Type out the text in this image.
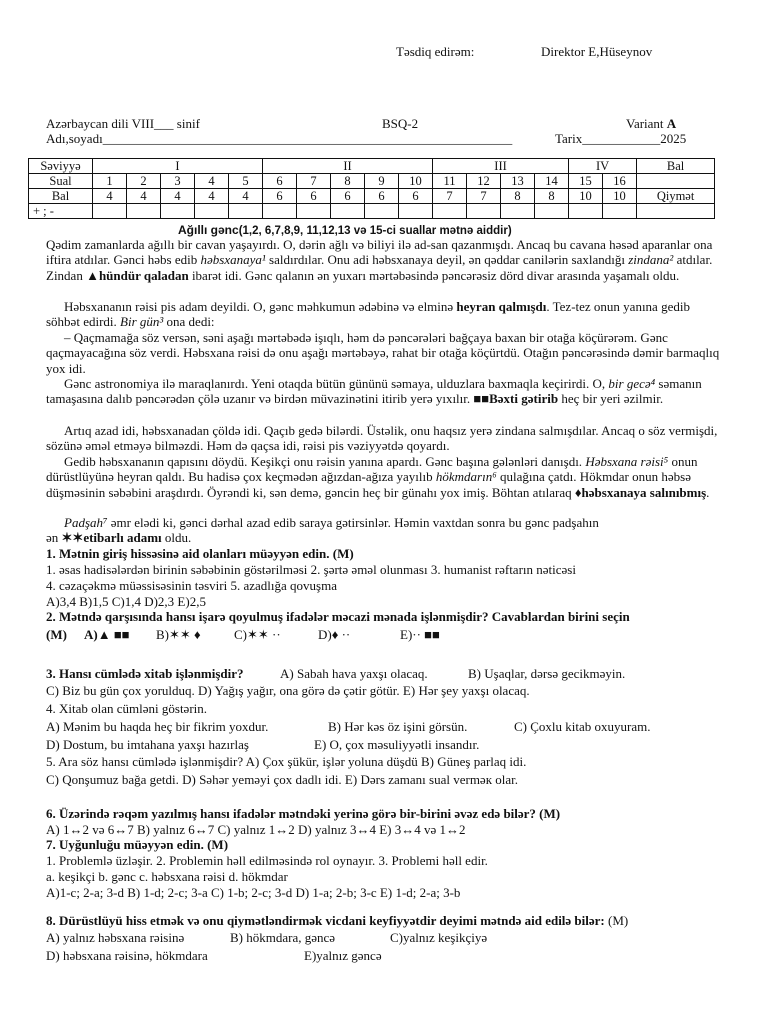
Təsdiq edirəm:	Direktor E,Hüseynov
Azərbaycan dili VIII___ sinif	BSQ-2	Variant A
Adı,soyadı_______________________________________________________________	Tarix____________2025
Səviyyə	I					II					III				IV		Bal
Sual	1	2	3	4	5	6	7	8	9	10	11	12	13	14	15	16	
Bal	4	4	4	4	4	6	6	6	6	6	7	7	8	8	10	10	Qiymət
+ ; -																	
Ağıllı gənc(1,2, 6,7,8,9, 11,12,13 və 15-ci suallar mətnə aiddir)
Qədim zamanlarda ağıllı bir cavan yaşayırdı. O, dərin ağlı və biliyi ilə ad-san qazanmışdı. Ancaq bu cavana həsəd aparanlar ona iftira atdılar. Gənci həbs edib həbsxanaya¹ saldırdılar. Onu adi həbsxanaya deyil, ən qəddar canilərin saxlandığı zindana² atdılar. Zindan ▲hündür qaladan ibarət idi. Gənc qalanın ən yuxarı mərtəbəsində pəncərəsiz dörd divar arasında yaşamalı oldu.
Həbsxananın rəisi pis adam deyildi. O, gənc məhkumun ədəbinə və elminə heyran qalmışdı. Tez-tez onun yanına gedib söhbət edirdi. Bir gün³ ona dedi:
– Qaçmamağa söz versən, səni aşağı mərtəbədə işıqlı, həm də pəncərələri bağçaya baxan bir otağa köçürərəm. Gənc qaçmayacağına söz verdi. Həbsxana rəisi də onu aşağı mərtəbəyə, rahat bir otağa köçürtdü. Otağın pəncərəsində dəmir barmaqlıq yox idi.
Gənc astronomiya ilə maraqlanırdı. Yeni otaqda bütün gününü səmaya, ulduzlara baxmaqla keçirirdi. O, bir gecə⁴ səmanın tamaşasına dalıb pəncərədən çölə uzanır və birdən müvazinətini itirib yerə yıxılır. ■■Bəxti gətirib heç bir yeri əzilmir.
Artıq azad idi, həbsxanadan çöldə idi. Qaçıb gedə bilərdi. Üstəlik, onu haqsız yerə zindana salmışdılar. Ancaq o söz vermişdi, sözünə əməl etməyə bilməzdi. Həm də qaçsa idi, rəisi pis vəziyyətdə qoyardı.
Gedib həbsxananın qapısını döydü. Keşikçi onu rəisin yanına apardı. Gənc başına gələnləri danışdı. Həbsxana rəisi⁵ onun dürüstlüyünə heyran qaldı. Bu hadisə çox keçmədən ağızdan-ağıza yayılıb hökmdarın⁶ qulağına çatdı. Hökmdar onun həbsə düşməsinin səbəbini araşdırdı. Öyrəndi ki, sən demə, gəncin heç bir günahı yox imiş. Böhtan atılaraq ♦həbsxanaya salınıbmış.
Padşah⁷ əmr elədi ki, gənci dərhal azad edib saraya gətirsinlər. Həmin vaxtdan sonra bu gənc padşahın
ən ✶✶etibarlı adamı oldu.
1. Mətnin giriş hissəsinə aid olanları müəyyən edin. (M)
1. əsas hadisələrdən birinin səbəbinin göstərilməsi 2. şərtə əməl olunması 3. humanist rəftarın nəticəsi
4. cəzaçəkmə müəssisəsinin təsviri 5. azadlığa qovuşma
A)3,4 B)1,5 C)1,4 D)2,3 E)2,5
2. Mətndə qarşısında hansı işarə qoyulmuş ifadələr məcazi mənada işlənmişdir? Cavablardan birini seçin
(M) A)▲ ■■ B)✶✶ ♦	C)✶✶ ··	D)♦ ··	E)·· ■■
3. Hansı cümlədə xitab işlənmişdir?	A) Sabah hava yaxşı olacaq.	B) Uşaqlar, dərsə gecikməyin.
C) Biz bu gün çox yorulduq. D) Yağış yağır, ona görə də çətir götür. E) Hər şey yaxşı olacaq.
4. Xitab olan cümləni göstərin.
A) Mənim bu haqda heç bir fikrim yoxdur.	B) Hər kəs öz işini görsün.	C) Çoxlu kitab oxuyuram.
D) Dostum, bu imtahana yaxşı hazırlaş	E) O, çox məsuliyyətli insandır.
5. Ara söz hansı cümlədə işlənmişdir? A) Çox şükür, işlər yoluna düşdü B) Güneş parlaq idi.
C) Qonşumuz bağa getdi. D) Səhər yeməyi çox dadlı idi. E) Dərs zamanı sual verməк olar.
6. Üzərində rəqəm yazılmış hansı ifadələr mətndəki yerinə görə bir-birini əvəz edə bilər? (M)
A) 1↔2 və 6↔7 B) yalnız 6↔7 C) yalnız 1↔2 D) yalnız 3↔4 E) 3↔4 və 1↔2
7. Uyğunluğu müəyyən edin. (M)
1. Problemlə üzləşir. 2. Problemin həll edilməsində rol oynayır. 3. Problemi həll edir.
a. keşikçi b. gənc c. həbsxana rəisi d. hökmdar
A)1-c; 2-a; 3-d B) 1-d; 2-c; 3-a C) 1-b; 2-c; 3-d D) 1-a; 2-b; 3-c E) 1-d; 2-a; 3-b
8. Dürüstlüyü hiss etmək və onu qiymətləndirmək vicdani keyfiyyətdir deyimi mətndə aid edilə bilər: (M)
A) yalnız həbsxana rəisinə	B) hökmdara, gəncə	C)yalnız keşikçiyə
D) həbsxana rəisinə, hökmdara	E)yalnız gəncə
